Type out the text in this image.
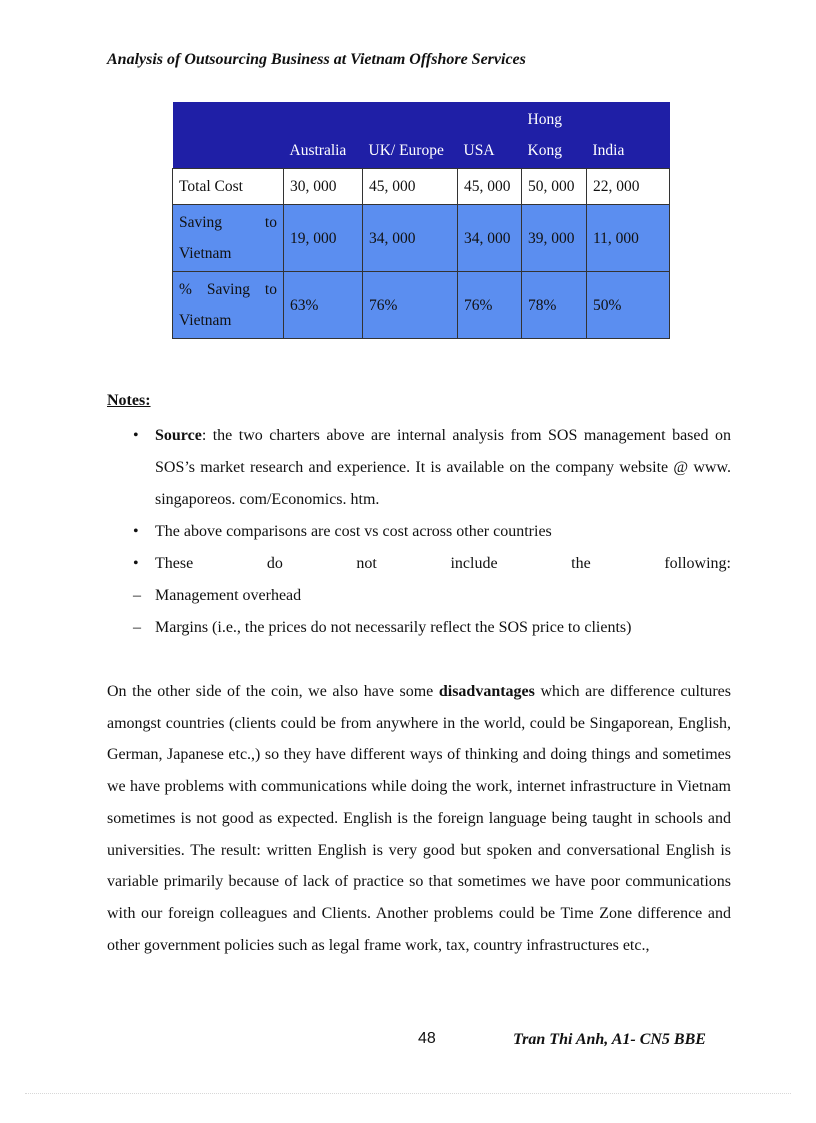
Analysis of Outsourcing Business at Vietnam Offshore Services
	Australia	UK/ Europe	USA	Hong Kong	India
Total Cost	30, 000	45, 000	45, 000	50, 000	22, 000
Saving to Vietnam	19, 000	34, 000	34, 000	39, 000	11, 000
% Saving to Vietnam	63%	76%	76%	78%	50%
Notes:
• Source: the two charters above are internal analysis from SOS management based on SOS’s market research and experience. It is available on the company website @ www. singaporeos. com/Economics. htm.
• The above comparisons are cost vs cost across other countries
• These do not include the following:
– Management overhead
– Margins (i.e., the prices do not necessarily reflect the SOS price to clients)

On the other side of the coin, we also have some disadvantages which are difference cultures amongst countries (clients could be from anywhere in the world, could be Singaporean, English, German, Japanese etc.,) so they have different ways of thinking and doing things and sometimes we have problems with communications while doing the work, internet infrastructure in Vietnam sometimes is not good as expected. English is the foreign language being taught in schools and universities. The result: written English is very good but spoken and conversational English is variable primarily because of lack of practice so that sometimes we have poor communications with our foreign colleagues and Clients. Another problems could be Time Zone difference and other government policies such as legal frame work, tax, country infrastructures etc.,

48	Tran Thi Anh, A1- CN5 BBE
